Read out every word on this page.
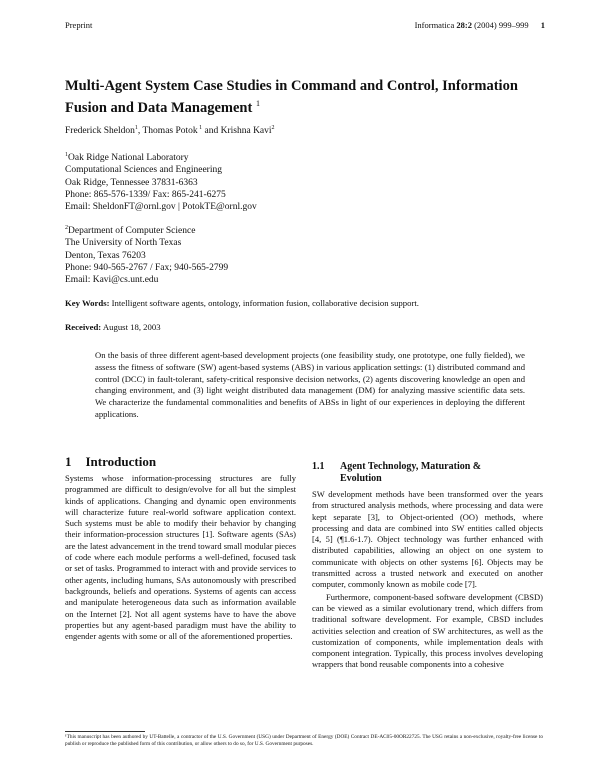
Preprint	Informatica 28:2 (2004) 999–999 1
Multi-Agent System Case Studies in Command and Control, Information Fusion and Data Management $^1$
Frederick Sheldon$^1$, Thomas Potok $^1$ and Krishna Kavi$^2$
$^1$Oak Ridge National Laboratory
Computational Sciences and Engineering
Oak Ridge, Tennessee 37831-6363
Phone: 865-576-1339/ Fax: 865-241-6275
Email: SheldonFT@ornl.gov | PotokTE@ornl.gov
$^2$Department of Computer Science
The University of North Texas
Denton, Texas 76203
Phone: 940-565-2767 / Fax; 940-565-2799
Email: Kavi@cs.unt.edu
Key Words: Intelligent software agents, ontology, information fusion, collaborative decision support.
Received: August 18, 2003
On the basis of three different agent-based development projects (one feasibility study, one prototype, one fully fielded), we assess the fitness of software (SW) agent-based systems (ABS) in various application settings: (1) distributed command and control (DCC) in fault-tolerant, safety-critical responsive decision networks, (2) agents discovering knowledge an open and changing environment, and (3) light weight distributed data management (DM) for analyzing massive scientific data sets. We characterize the fundamental commonalities and benefits of ABSs in light of our experiences in deploying the different applications.
1 Introduction
Systems whose information-processing structures are fully programmed are difficult to design/evolve for all but the simplest kinds of applications. Changing and dynamic open environments will characterize future real-world software application context. Such systems must be able to modify their behavior by changing their information-procession structures [1]. Software agents (SAs) are the latest advancement in the trend toward small modular pieces of code where each module performs a well-defined, focused task or set of tasks. Programmed to interact with and provide services to other agents, including humans, SAs autonomously with prescribed backgrounds, beliefs and operations. Systems of agents can access and manipulate heterogeneous data such as information available on the Internet [2]. Not all agent systems have to have the above properties but any agent-based paradigm must have the ability to engender agents with some or all of the aforementioned properties.
1.1 Agent Technology, Maturation &
Evolution

SW development methods have been transformed over the years from structured analysis methods, where processing and data were kept separate [3], to Object-oriented (OO) methods, where processing and data are combined into SW entities called objects [4, 5] (¶1.6-1.7). Object technology was further enhanced with distributed capabilities, allowing an object on one system to communicate with objects on other systems [6]. Objects may be transmitted across a trusted network and executed on another computer, commonly known as mobile code [7].

Furthermore, component-based software development (CBSD) can be viewed as a similar evolutionary trend, which differs from traditional software development. For example, CBSD includes activities selection and creation of SW architectures, as well as the customization of components, while implementation deals with component integration. Typically, this process involves developing wrappers that bond reusable components into a cohesive

¹This manuscript has been authored by UT-Battelle, a contractor of the U.S. Government (USG) under Department of Energy (DOE) Contract DE-AC05-00OR22725. The USG retains a non-exclusive, royalty-free license to publish or reproduce the published form of this contribution, or allow others to do so, for U.S. Government purposes.
